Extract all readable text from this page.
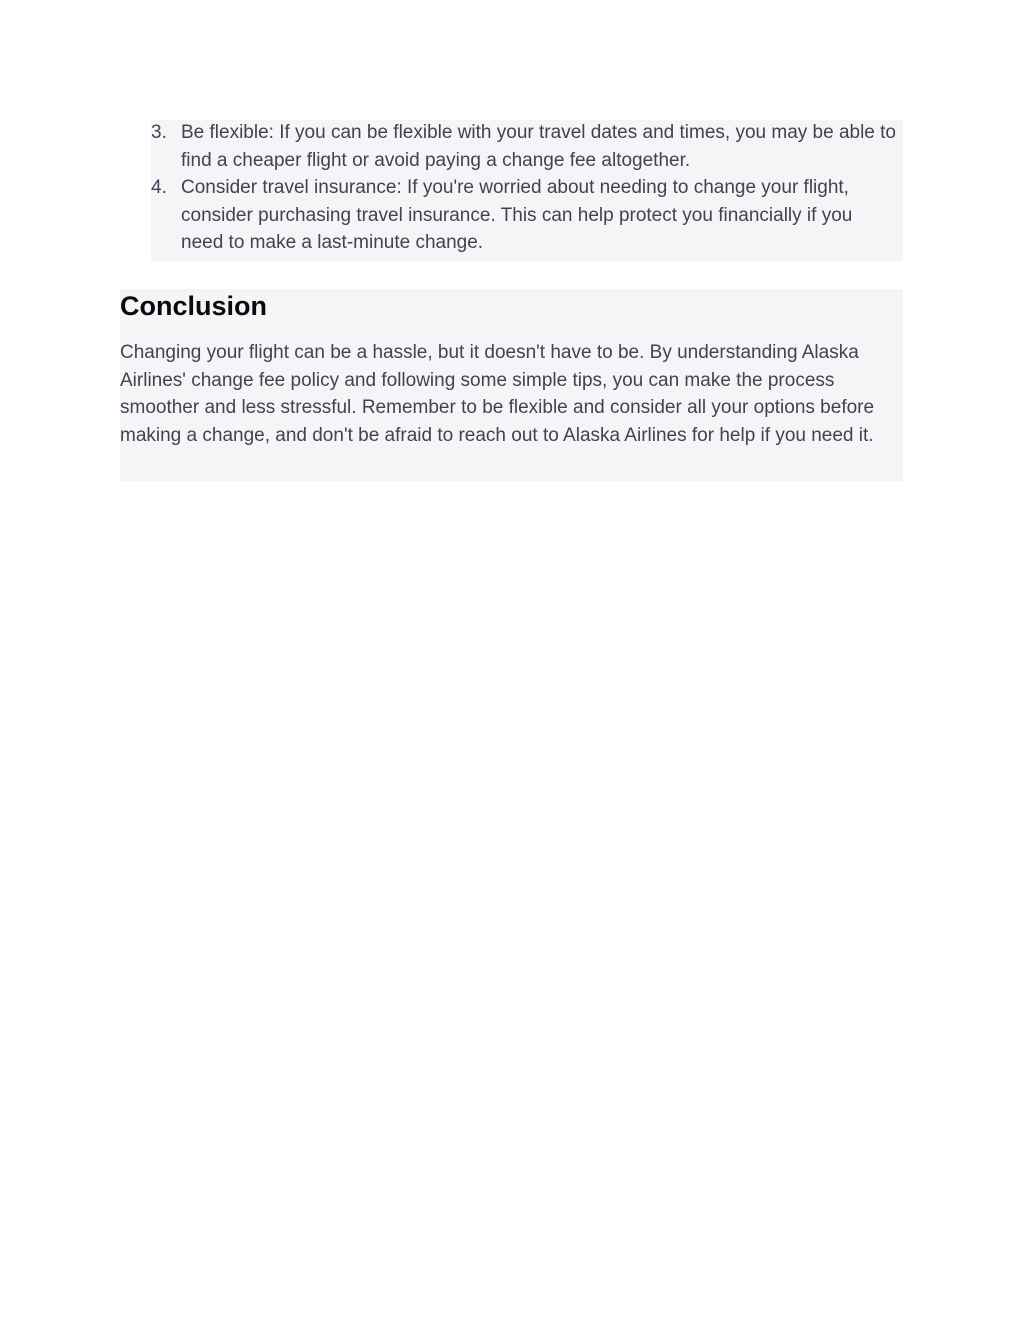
3. Be flexible: If you can be flexible with your travel dates and times, you may be able to find a cheaper flight or avoid paying a change fee altogether.
4. Consider travel insurance: If you're worried about needing to change your flight, consider purchasing travel insurance. This can help protect you financially if you need to make a last-minute change.
Conclusion

Changing your flight can be a hassle, but it doesn't have to be. By understanding Alaska Airlines' change fee policy and following some simple tips, you can make the process smoother and less stressful. Remember to be flexible and consider all your options before making a change, and don't be afraid to reach out to Alaska Airlines for help if you need it.
